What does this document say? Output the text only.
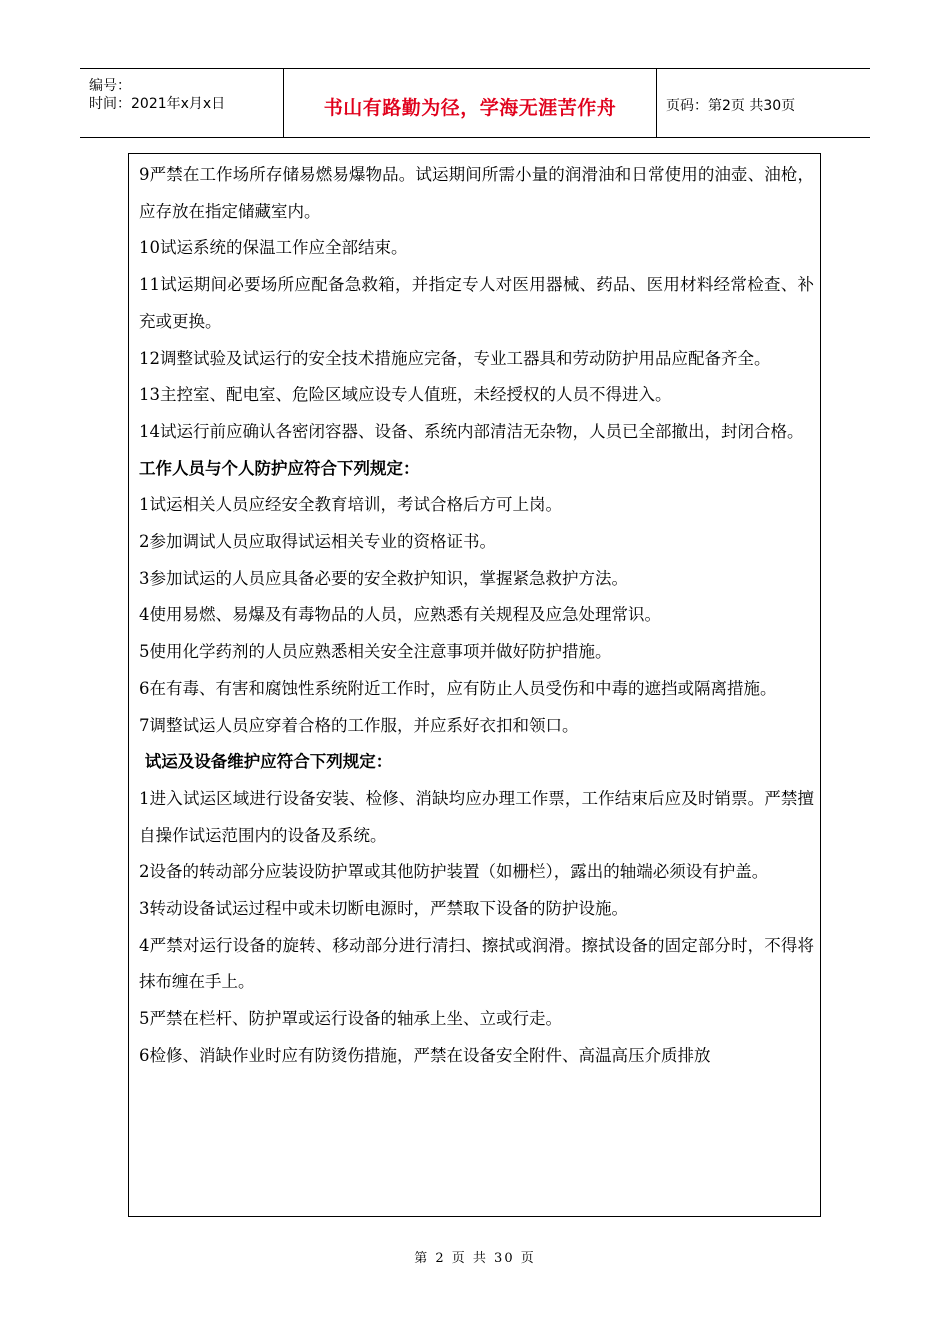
编号：
时间：2021年x月x日	书山有路勤为径，学海无涯苦作舟	页码：第2页 共30页

9严禁在工作场所存储易燃易爆物品。试运期间所需小量的润滑油和日常使用的油壶、油枪，应存放在指定储藏室内。

10试运系统的保温工作应全部结束。

11试运期间必要场所应配备急救箱，并指定专人对医用器械、药品、医用材料经常检查、补充或更换。

12调整试验及试运行的安全技术措施应完备，专业工器具和劳动防护用品应配备齐全。

13主控室、配电室、危险区域应设专人值班，未经授权的人员不得进入。

14试运行前应确认各密闭容器、设备、系统内部清洁无杂物，人员已全部撤出，封闭合格。

工作人员与个人防护应符合下列规定：

1试运相关人员应经安全教育培训，考试合格后方可上岗。

2参加调试人员应取得试运相关专业的资格证书。

3参加试运的人员应具备必要的安全救护知识，掌握紧急救护方法。

4使用易燃、易爆及有毒物品的人员，应熟悉有关规程及应急处理常识。

5使用化学药剂的人员应熟悉相关安全注意事项并做好防护措施。

6在有毒、有害和腐蚀性系统附近工作时，应有防止人员受伤和中毒的遮挡或隔离措施。

7调整试运人员应穿着合格的工作服，并应系好衣扣和领口。

试运及设备维护应符合下列规定：

1进入试运区域进行设备安装、检修、消缺均应办理工作票，工作结束后应及时销票。严禁擅自操作试运范围内的设备及系统。

2设备的转动部分应装设防护罩或其他防护装置（如栅栏），露出的轴端必须设有护盖。

3转动设备试运过程中或未切断电源时，严禁取下设备的防护设施。

4严禁对运行设备的旋转、移动部分进行清扫、擦拭或润滑。擦拭设备的固定部分时，不得将抹布缠在手上。

5严禁在栏杆、防护罩或运行设备的轴承上坐、立或行走。

6检修、消缺作业时应有防烫伤措施，严禁在设备安全附件、高温高压介质排放

第 2 页 共 30 页
